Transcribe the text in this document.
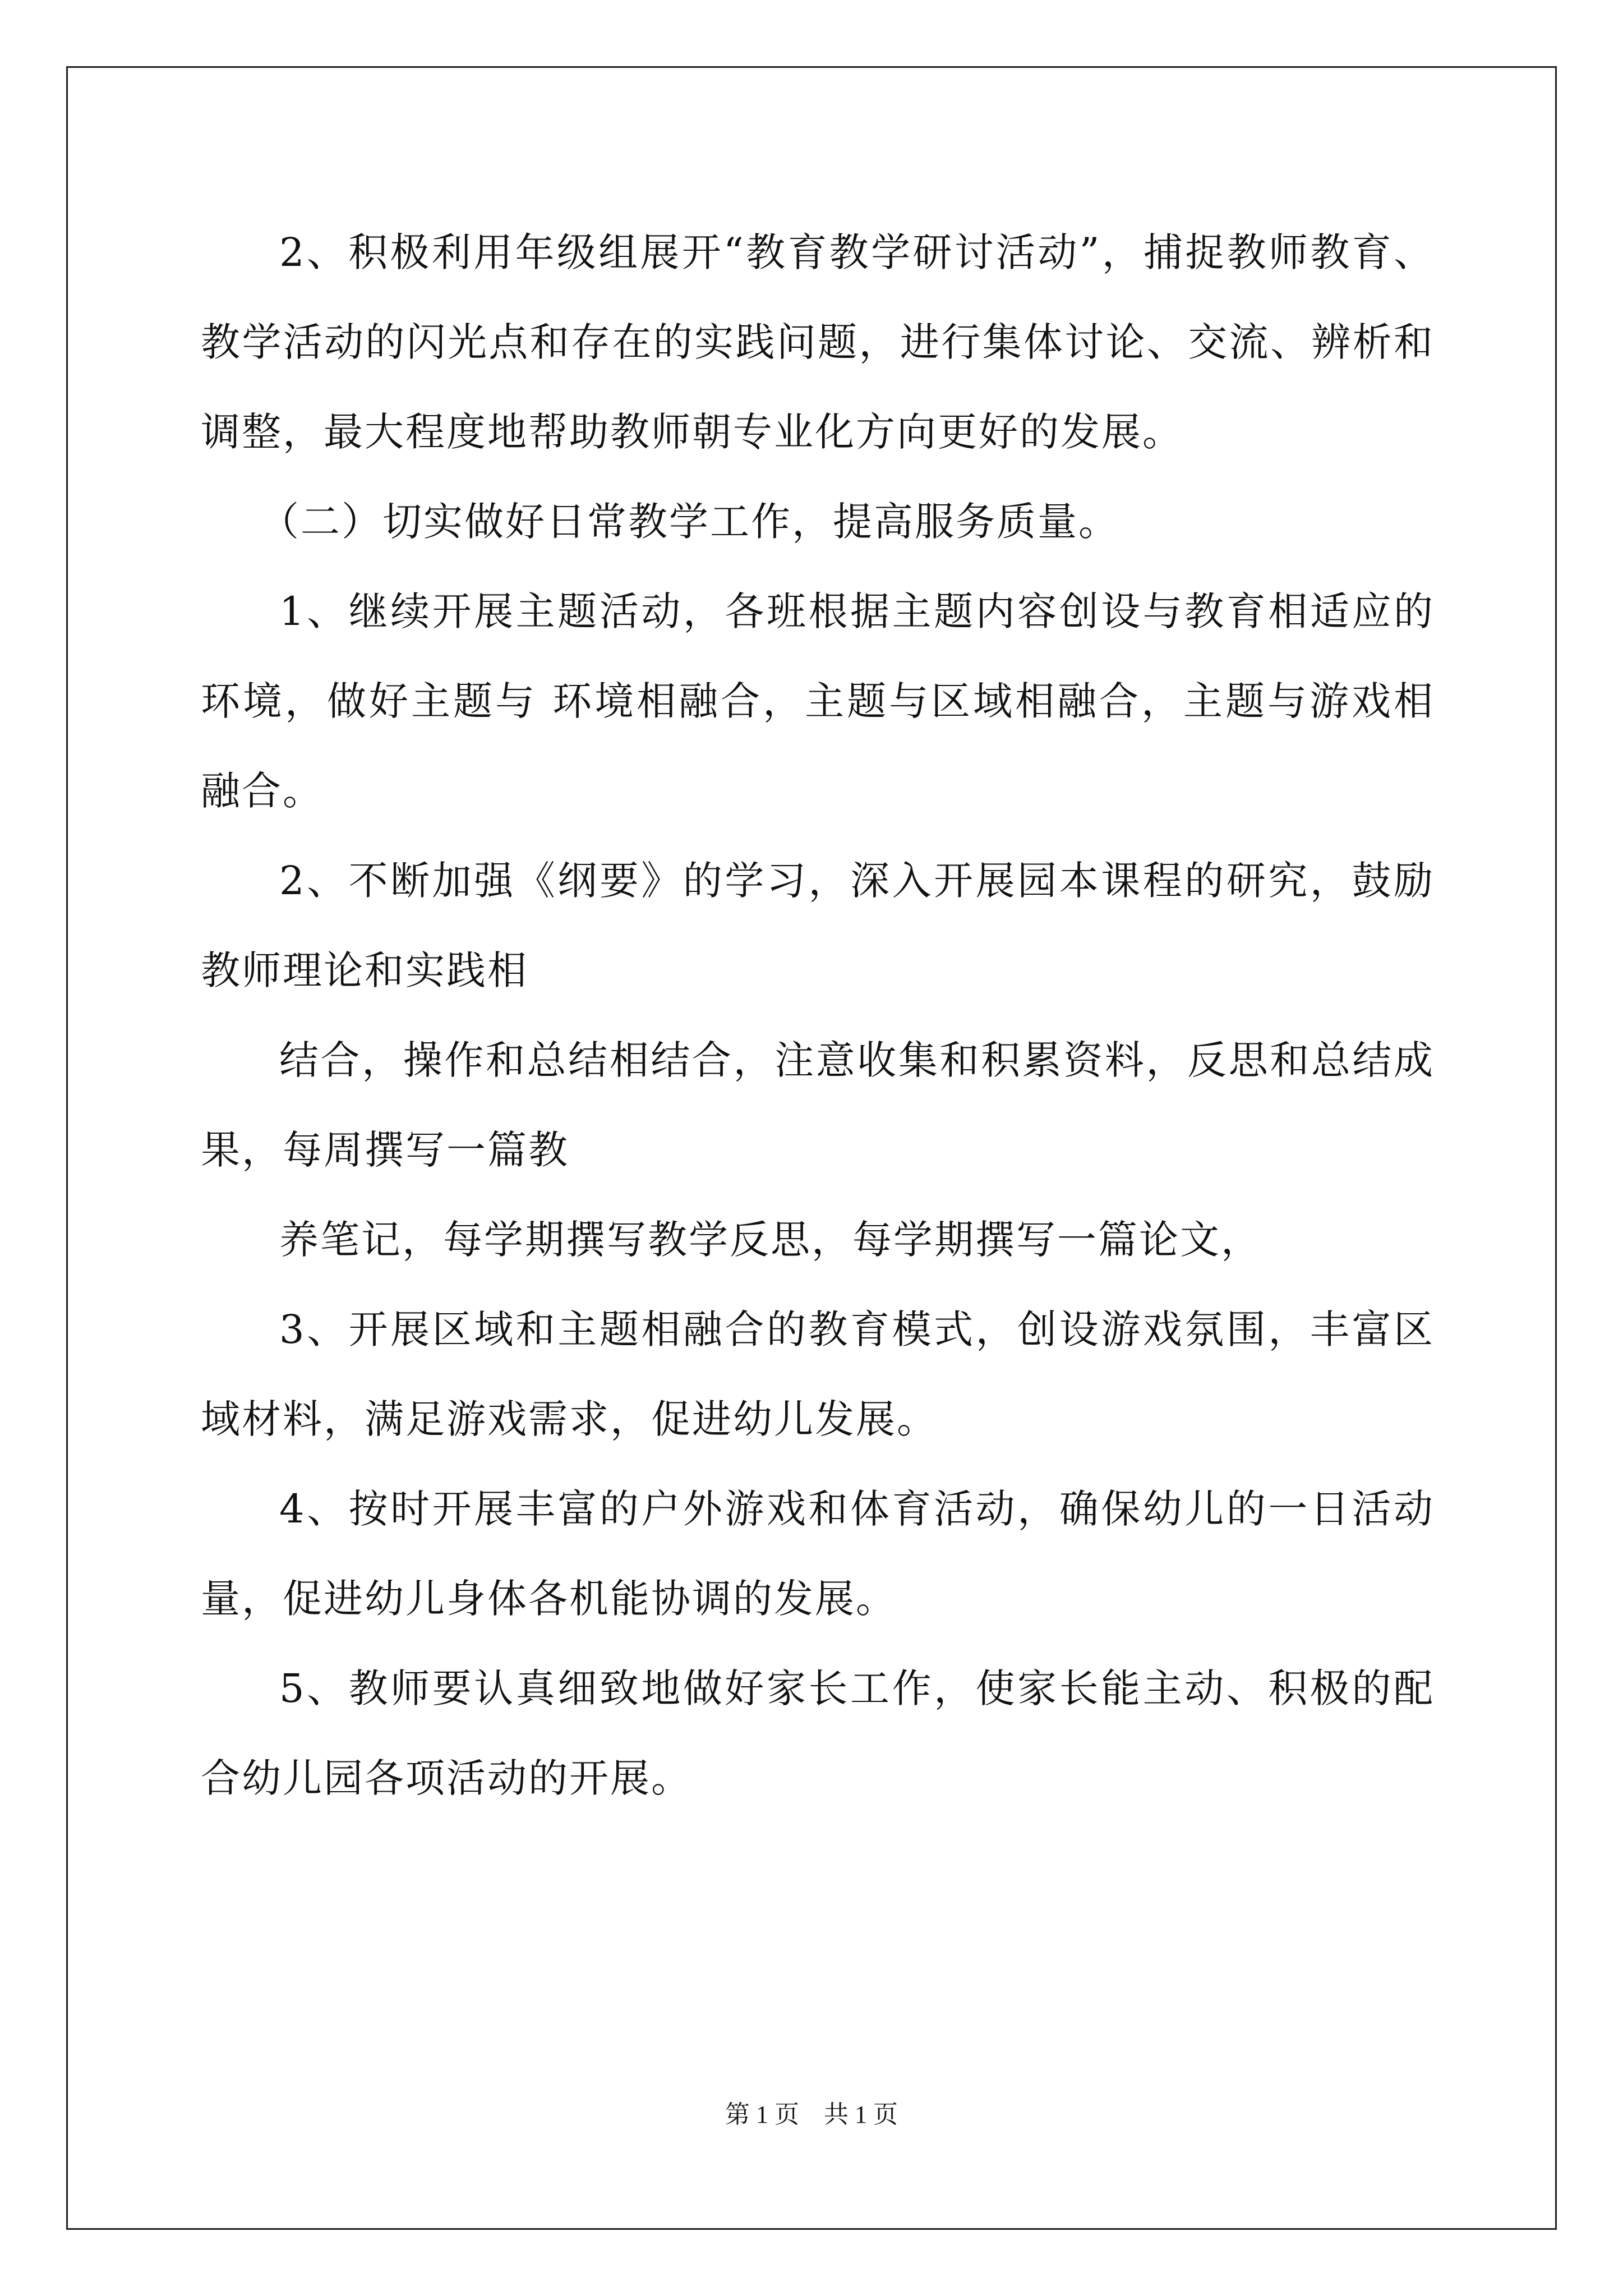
2、积极利用年级组展开“教育教学研讨活动”，捕捉教师教育、教学活动的闪光点和存在的实践问题，进行集体讨论、交流、辨析和调整，最大程度地帮助教师朝专业化方向更好的发展。

（二）切实做好日常教学工作，提高服务质量。

1、继续开展主题活动，各班根据主题内容创设与教育相适应的环境，做好主题与 环境相融合，主题与区域相融合，主题与游戏相融合。

2、不断加强《纲要》的学习，深入开展园本课程的研究，鼓励教师理论和实践相

结合，操作和总结相结合，注意收集和积累资料，反思和总结成果，每周撰写一篇教

养笔记，每学期撰写教学反思，每学期撰写一篇论文，

3、开展区域和主题相融合的教育模式，创设游戏氛围，丰富区域材料，满足游戏需求，促进幼儿发展。

4、按时开展丰富的户外游戏和体育活动，确保幼儿的一日活动量，促进幼儿身体各机能协调的发展。

5、教师要认真细致地做好家长工作，使家长能主动、积极的配合幼儿园各项活动的开展。

第 1 页　共 1 页
